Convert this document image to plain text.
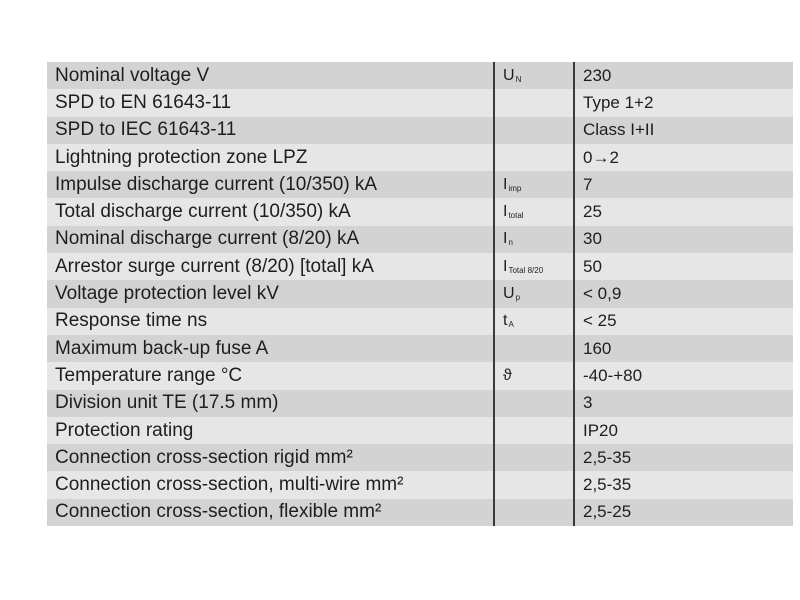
Nominal voltage V	UN	230
SPD to EN 61643-11		Type 1+2
SPD to IEC 61643-11		Class I+II
Lightning protection zone LPZ		0→2
Impulse discharge current (10/350) kA	Iimp	7
Total discharge current (10/350) kA	Itotal	25
Nominal discharge current (8/20) kA	In	30
Arrestor surge current (8/20) [total] kA	ITotal 8/20	50
Voltage protection level kV	Up	< 0,9
Response time ns	tA	< 25
Maximum back-up fuse A		160
Temperature range °C	ϑ	-40-+80
Division unit TE (17.5 mm)		3
Protection rating		IP20
Connection cross-section rigid mm²		2,5-35
Connection cross-section, multi-wire mm²		2,5-35
Connection cross-section, flexible mm²		2,5-25
